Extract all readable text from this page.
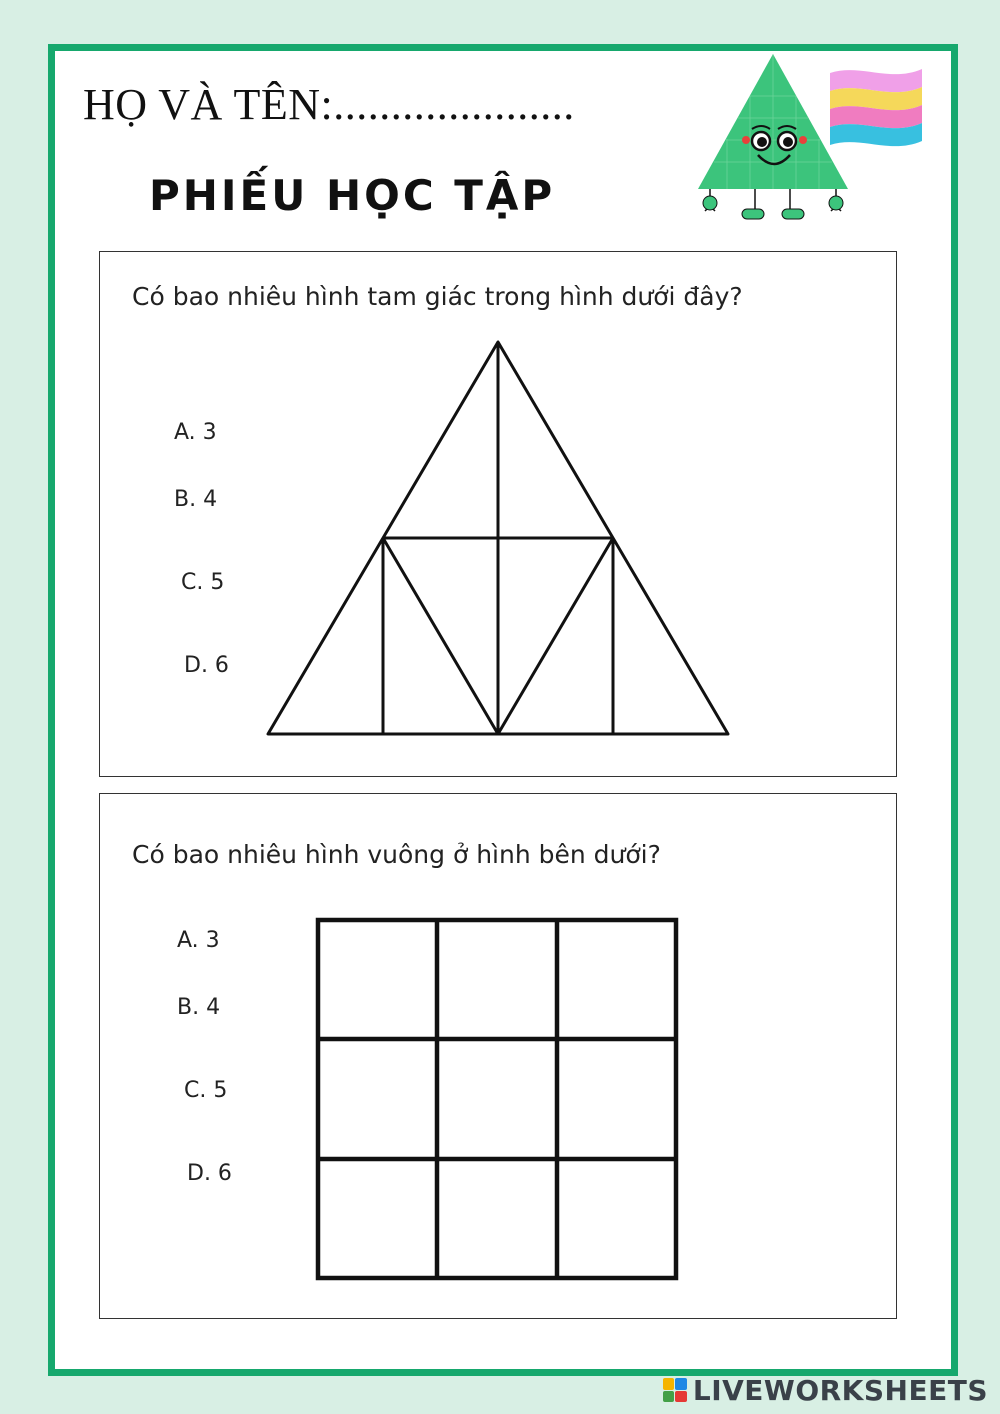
HỌ VÀ TÊN:.....................
PHIẾU HỌC TẬP
Có bao nhiêu hình tam giác trong hình dưới đây?
A. 3
B. 4
C. 5
D. 6
Có bao nhiêu hình vuông ở hình bên dưới?
A. 3
B. 4
C. 5
D. 6
LIVEWORKSHEETS
